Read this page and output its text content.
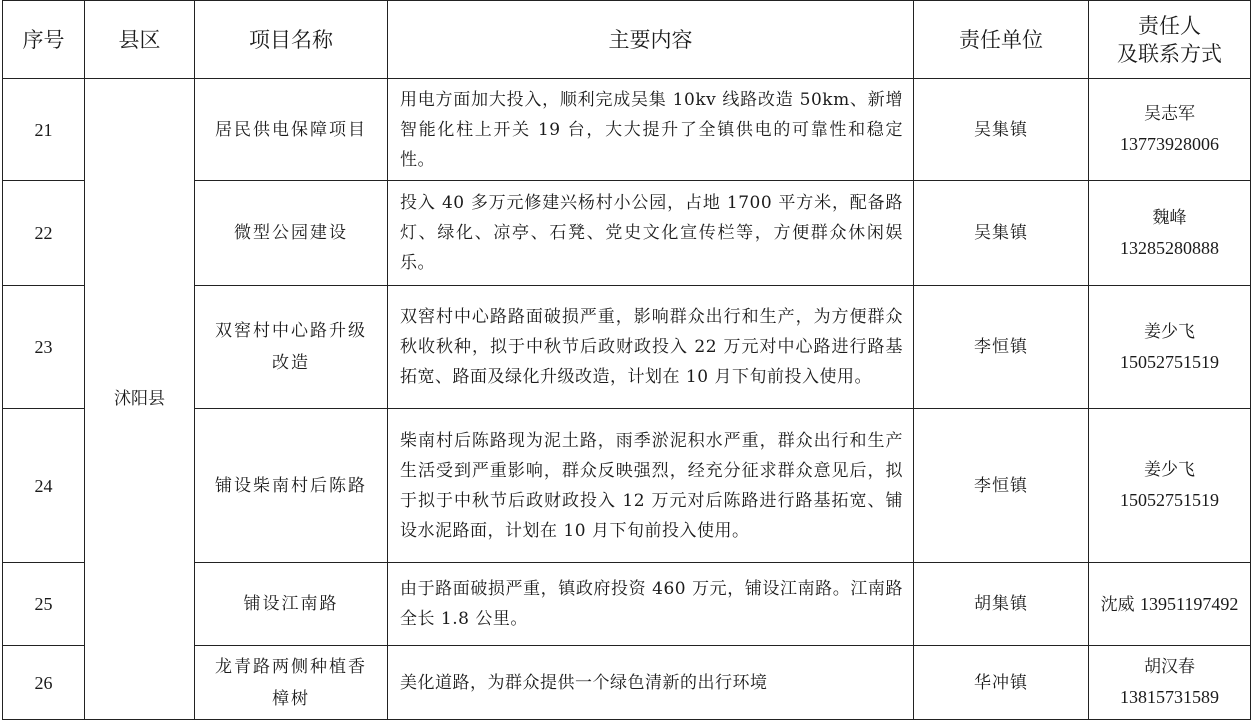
序号	县区	项目名称	主要内容	责任单位	责任人
及联系方式

21	沭阳县	居民供电保障项目	用电方面加大投入，顺利完成吴集 10kv 线路改造 50km、新增智能化柱上开关 19 台，大大提升了全镇供电的可靠性和稳定性。	吴集镇	吴志军
13773928006
22		微型公园建设	投入 40 多万元修建兴杨村小公园，占地 1700 平方米，配备路灯、绿化、凉亭、石凳、党史文化宣传栏等，方便群众休闲娱乐。	吴集镇	魏峰
13285280888
23		双窖村中心路升级改造	双窖村中心路路面破损严重，影响群众出行和生产，为方便群众秋收秋种，拟于中秋节后政财政投入 22 万元对中心路进行路基拓宽、路面及绿化升级改造，计划在 10 月下旬前投入使用。	李恒镇	姜少飞
15052751519
24		铺设柴南村后陈路	柴南村后陈路现为泥土路，雨季淤泥积水严重，群众出行和生产生活受到严重影响，群众反映强烈，经充分征求群众意见后，拟于拟于中秋节后政财政投入 12 万元对后陈路进行路基拓宽、铺设水泥路面，计划在 10 月下旬前投入使用。	李恒镇	姜少飞
15052751519
25		铺设江南路	由于路面破损严重，镇政府投资 460 万元，铺设江南路。江南路全长 1.8 公里。	胡集镇	沈威 13951197492
26		龙青路两侧种植香樟树	美化道路，为群众提供一个绿色清新的出行环境	华冲镇	胡汉春
13815731589
